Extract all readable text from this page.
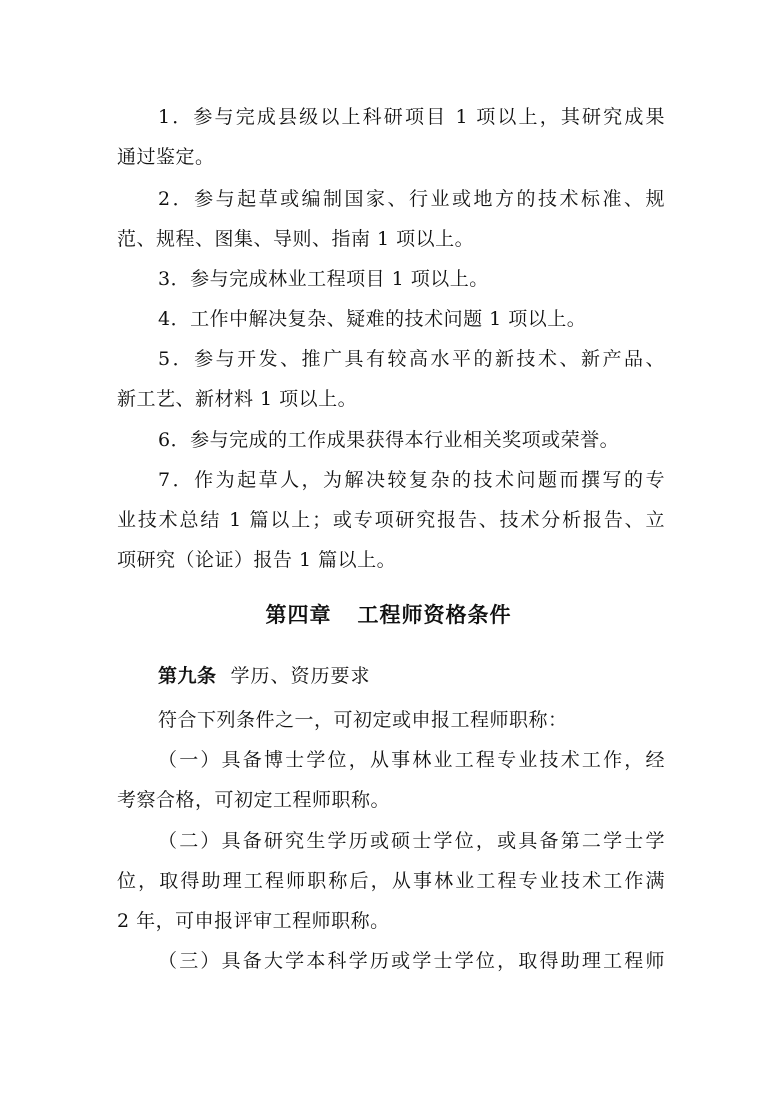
1．参与完成县级以上科研项目 1 项以上，其研究成果
通过鉴定。
2．参与起草或编制国家、行业或地方的技术标准、规
范、规程、图集、导则、指南 1 项以上。
3．参与完成林业工程项目 1 项以上。
4．工作中解决复杂、疑难的技术问题 1 项以上。
5．参与开发、推广具有较高水平的新技术、新产品、
新工艺、新材料 1 项以上。
6．参与完成的工作成果获得本行业相关奖项或荣誉。
7．作为起草人，为解决较复杂的技术问题而撰写的专
业技术总结 1 篇以上；或专项研究报告、技术分析报告、立
项研究（论证）报告 1 篇以上。
第四章 工程师资格条件
第九条 学历、资历要求
符合下列条件之一，可初定或申报工程师职称：
（一）具备博士学位，从事林业工程专业技术工作，经
考察合格，可初定工程师职称。
（二）具备研究生学历或硕士学位，或具备第二学士学
位，取得助理工程师职称后，从事林业工程专业技术工作满
2 年，可申报评审工程师职称。
（三）具备大学本科学历或学士学位，取得助理工程师
